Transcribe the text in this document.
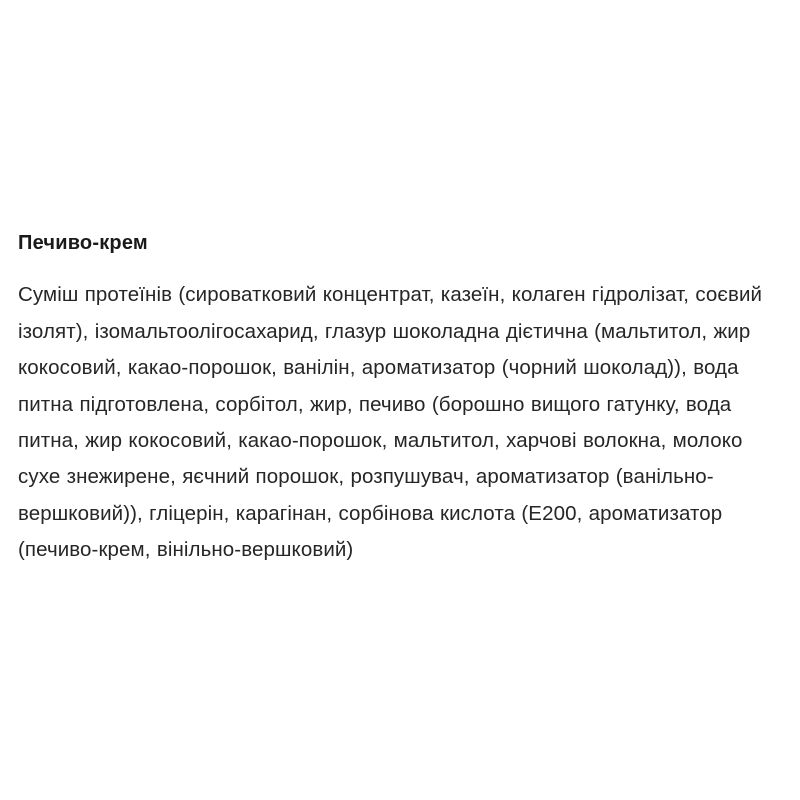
Печиво-крем

Суміш протеїнів (сироватковий концентрат, казеїн, колаген гідролізат, соєвий ізолят), ізомальтоолігосахарид, глазур шоколадна дієтична (мальтитол, жир кокосовий, какао-порошок, ванілін, ароматизатор (чорний шоколад)), вода питна підготовлена, сорбітол, жир, печиво (борошно вищого гатунку, вода питна, жир кокосовий, какао-порошок, мальтитол, харчові волокна, молоко сухе знежирене, яєчний порошок, розпушувач, ароматизатор (ванільно-вершковий)), гліцерін, карагінан, сорбінова кислота (Е200, ароматизатор (печиво-крем, вінільно-вершковий)
